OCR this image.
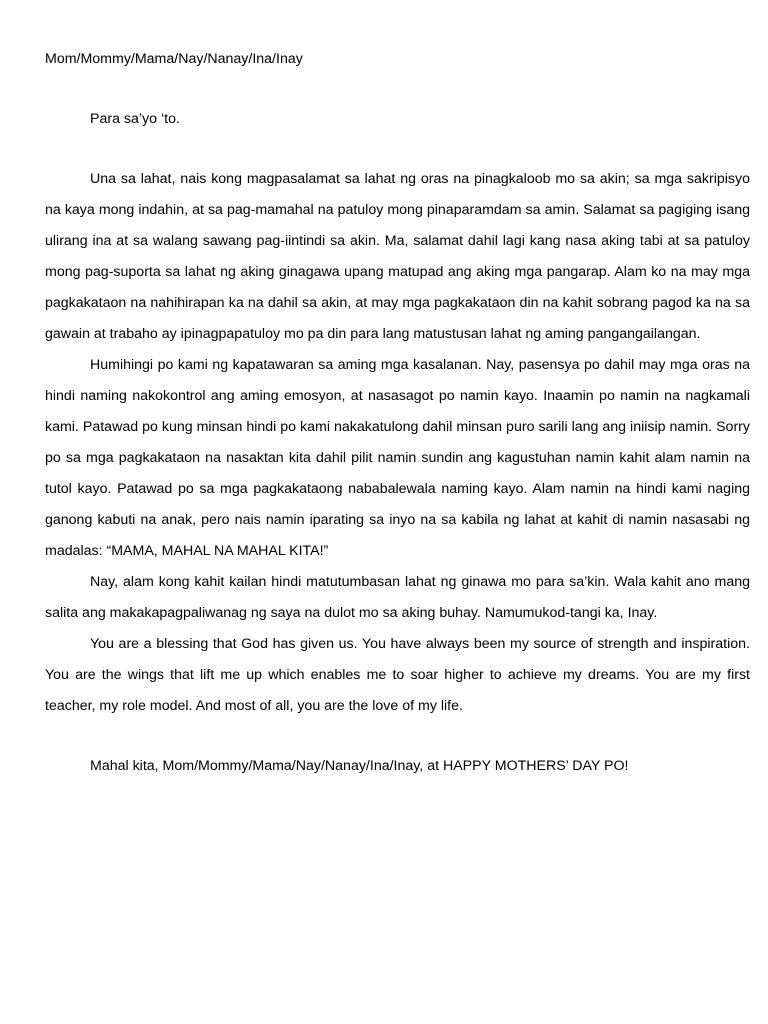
Mom/Mommy/Mama/Nay/Nanay/Ina/Inay

Para sa’yo ‘to.

Una sa lahat, nais kong magpasalamat sa lahat ng oras na pinagkaloob mo sa akin; sa mga sakripisyo na kaya mong indahin, at sa pag-mamahal na patuloy mong pinaparamdam sa amin. Salamat sa pagiging isang ulirang ina at sa walang sawang pag-iintindi sa akin. Ma, salamat dahil lagi kang nasa aking tabi at sa patuloy mong pag-suporta sa lahat ng aking ginagawa upang matupad ang aking mga pangarap. Alam ko na may mga pagkakataon na nahihirapan ka na dahil sa akin, at may mga pagkakataon din na kahit sobrang pagod ka na sa gawain at trabaho ay ipinagpapatuloy mo pa din para lang matustusan lahat ng aming pangangailangan.

Humihingi po kami ng kapatawaran sa aming mga kasalanan. Nay, pasensya po dahil may mga oras na hindi naming nakokontrol ang aming emosyon, at nasasagot po namin kayo. Inaamin po namin na nagkamali kami. Patawad po kung minsan hindi po kami nakakatulong dahil minsan puro sarili lang ang iniisip namin. Sorry po sa mga pagkakataon na nasaktan kita dahil pilit namin sundin ang kagustuhan namin kahit alam namin na tutol kayo. Patawad po sa mga pagkakataong nababalewala naming kayo. Alam namin na hindi kami naging ganong kabuti na anak, pero nais namin iparating sa inyo na sa kabila ng lahat at kahit di namin nasasabi ng madalas: “MAMA, MAHAL NA MAHAL KITA!”

Nay, alam kong kahit kailan hindi matutumbasan lahat ng ginawa mo para sa’kin. Wala kahit ano mang salita ang makakapagpaliwanag ng saya na dulot mo sa aking buhay. Namumukod-tangi ka, Inay.

You are a blessing that God has given us. You have always been my source of strength and inspiration. You are the wings that lift me up which enables me to soar higher to achieve my dreams. You are my first teacher, my role model. And most of all, you are the love of my life.

Mahal kita, Mom/Mommy/Mama/Nay/Nanay/Ina/Inay, at HAPPY MOTHERS’ DAY PO!
